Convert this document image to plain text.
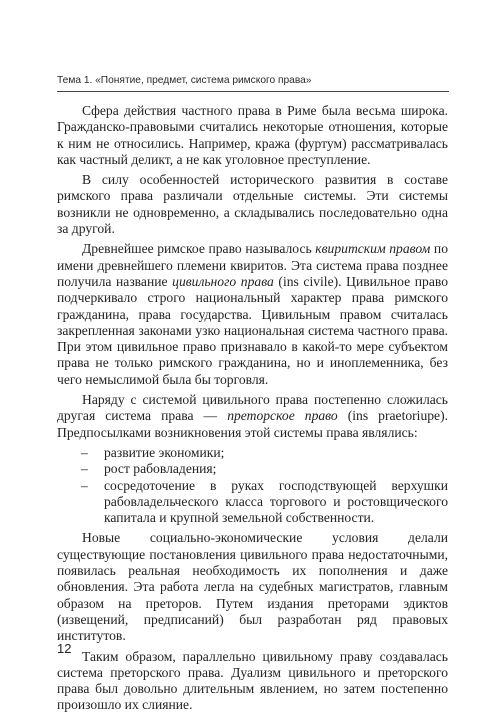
Тема 1. «Понятие, предмет, система римского права»

Сфера действия частного права в Риме была весьма широка. Гражданско-правовыми считались некоторые отношения, которые к ним не относились. Например, кража (фуртум) рассматривалась как частный деликт, а не как уголовное преступление.

В силу особенностей исторического развития в составе римского права различали отдельные системы. Эти системы возникли не одновременно, а складывались последовательно одна за другой.

Древнейшее римское право называлось квиритским правом по имени древнейшего племени квиритов. Эта система права позднее получила название цивильного права (ins civile). Цивильное право подчеркивало строго национальный характер права римского гражданина, права государства. Цивильным правом считалась закрепленная законами узко национальная система частного права. При этом цивильное право признавало в какой-то мере субъектом права не только римского гражданина, но и иноплеменника, без чего немыслимой была бы торговля.

Наряду с системой цивильного права постепенно сложилась другая система права — преторское право (ins praetoriupe). Предпосылками возникновения этой системы права являлись:

– развитие экономики;
– рост рабовладения;
– сосредоточение в руках господствующей верхушки рабовладельческого класса торгового и ростовщического капитала и крупной земельной собственности.

Новые социально-экономические условия делали существующие постановления цивильного права недостаточными, появилась реальная необходимость их пополнения и даже обновления. Эта работа легла на судебных магистратов, главным образом на преторов. Путем издания преторами эдиктов (извещений, предписаний) был разработан ряд правовых институтов.

Таким образом, параллельно цивильному праву создавалась система преторского права. Дуализм цивильного и преторского права был довольно длительным явлением, но затем постепенно произошло их слияние.

12
